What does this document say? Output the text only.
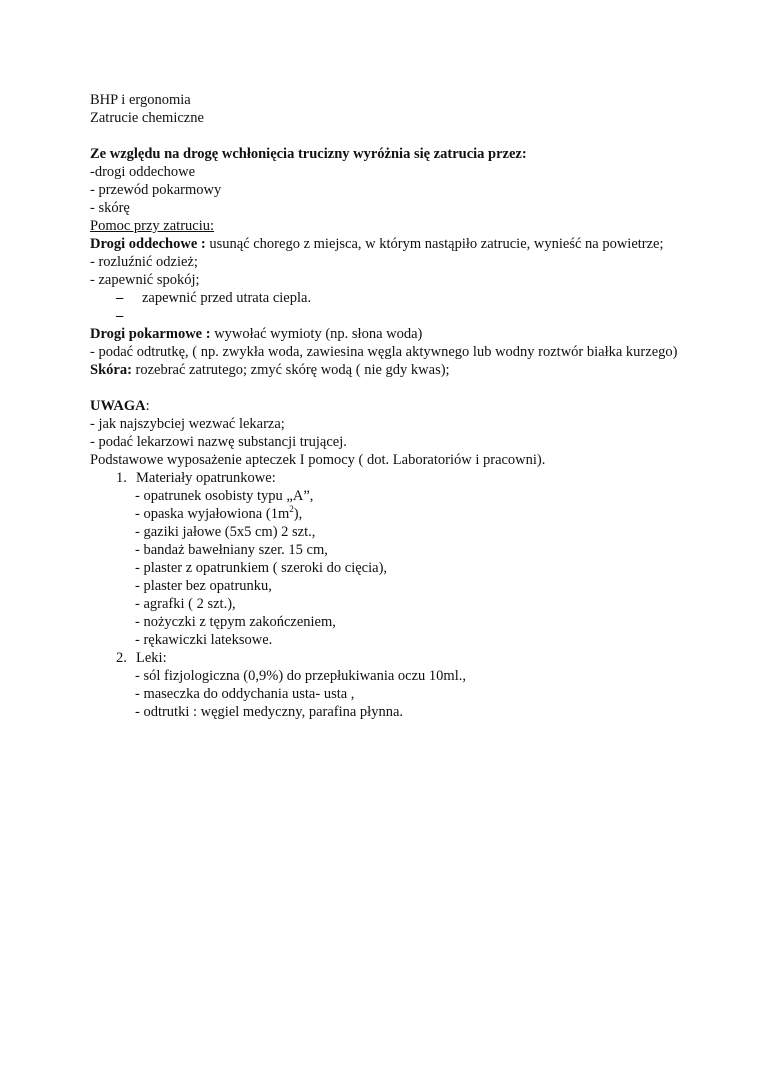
BHP i ergonomia
Zatrucie chemiczne
Ze względu na drogę wchłonięcia trucizny wyróżnia się zatrucia przez:
-drogi oddechowe
- przewód pokarmowy
- skórę
Pomoc przy zatruciu:
Drogi oddechowe : usunąć chorego z miejsca, w którym nastąpiło zatrucie, wynieść na powietrze;
- rozluźnić odzież;
- zapewnić spokój;
– zapewnić przed utrata ciepla.
–
Drogi pokarmowe : wywołać wymioty (np. słona woda)
- podać odtrutkę, ( np. zwykła woda, zawiesina węgla aktywnego lub wodny roztwór białka kurzego)
Skóra: rozebrać zatrutego; zmyć skórę wodą ( nie gdy kwas);
UWAGA:
- jak najszybciej wezwać lekarza;
- podać lekarzowi nazwę substancji trującej.
Podstawowe wyposażenie apteczek I pomocy ( dot. Laboratoriów i pracowni).
1. Materiały opatrunkowe:
- opatrunek osobisty typu „A”,
- opaska wyjałowiona $(1m^2)$,
- gaziki jałowe (5x5 cm) 2 szt.,
- bandaż bawełniany szer. 15 cm,
- plaster z opatrunkiem ( szeroki do cięcia),
- plaster bez opatrunku,
- agrafki ( 2 szt.),
- nożyczki z tępym zakończeniem,
- rękawiczki lateksowe.
2. Leki:
- sól fizjologiczna (0,9%) do przepłukiwania oczu 10ml.,
- maseczka do oddychania usta- usta ,
- odtrutki : węgiel medyczny, parafina płynna.
